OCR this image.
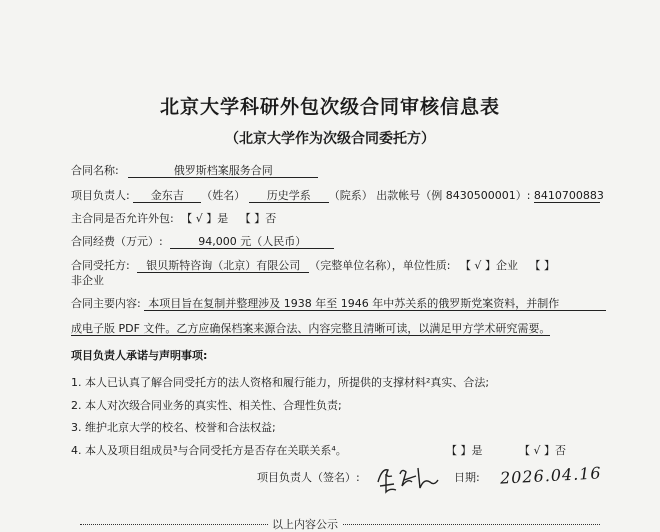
北京大学科研外包次级合同审核信息表
（北京大学作为次级合同委托方）
合同名称:	俄罗斯档案服务合同
项目负责人: 金东吉 （姓名） 历史学系 （院系） 出款帐号（例 8430500001）: 8410700883
主合同是否允许外包: 【 √ 】是 【 】否
合同经费（万元）:	94,000 元（人民币）
合同受托方: 银贝斯特咨询（北京）有限公司 （完整单位名称），单位性质: 【 √ 】企业 【 】
非企业
合同主要内容: 本项目旨在复制并整理涉及 1938 年至 1946 年中苏关系的俄罗斯党案资料，并制作
成电子版 PDF 文件。乙方应确保档案来源合法、内容完整且清晰可读，以满足甲方学术研究需要。
项目负责人承诺与声明事项:
1. 本人已认真了解合同受托方的法人资格和履行能力，所提供的支撑材料²真实、合法;
2. 本人对次级合同业务的真实性、相关性、合理性负责;
3. 维护北京大学的校名、校誉和合法权益;
4. 本人及项目组成员³与合同受托方是否存在关联关系⁴。	【 】是	【 √ 】否
项目负责人（签名）:	日期: 2026.04.16
以上内容公示
